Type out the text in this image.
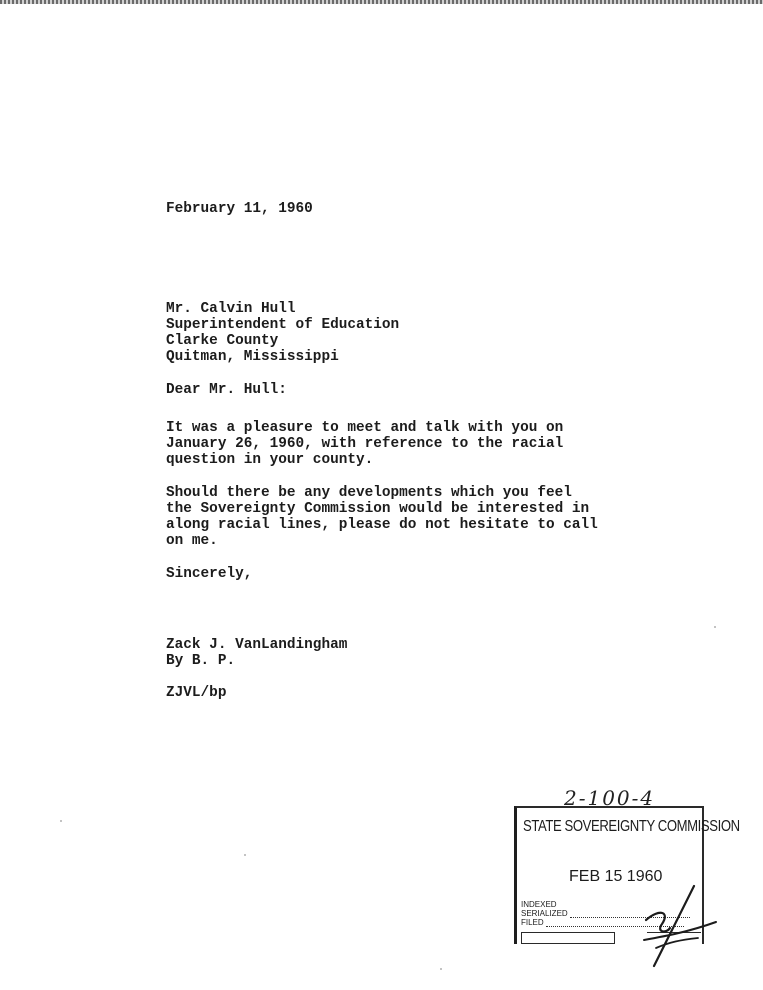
February 11, 1960
Mr. Calvin Hull
Superintendent of Education
Clarke County
Quitman, Mississippi
Dear Mr. Hull:
It was a pleasure to meet and talk with you on
January 26, 1960, with reference to the racial
question in your county.
Should there be any developments which you feel
the Sovereignty Commission would be interested in
along racial lines, please do not hesitate to call
on me.
Sincerely,
Zack J. VanLandingham
By B. P.
ZJVL/bp
2-100-4
STATE SOVEREIGNTY COMMISSION
FEB 15 1960
INDEXED
SERIALIZED
FILED
